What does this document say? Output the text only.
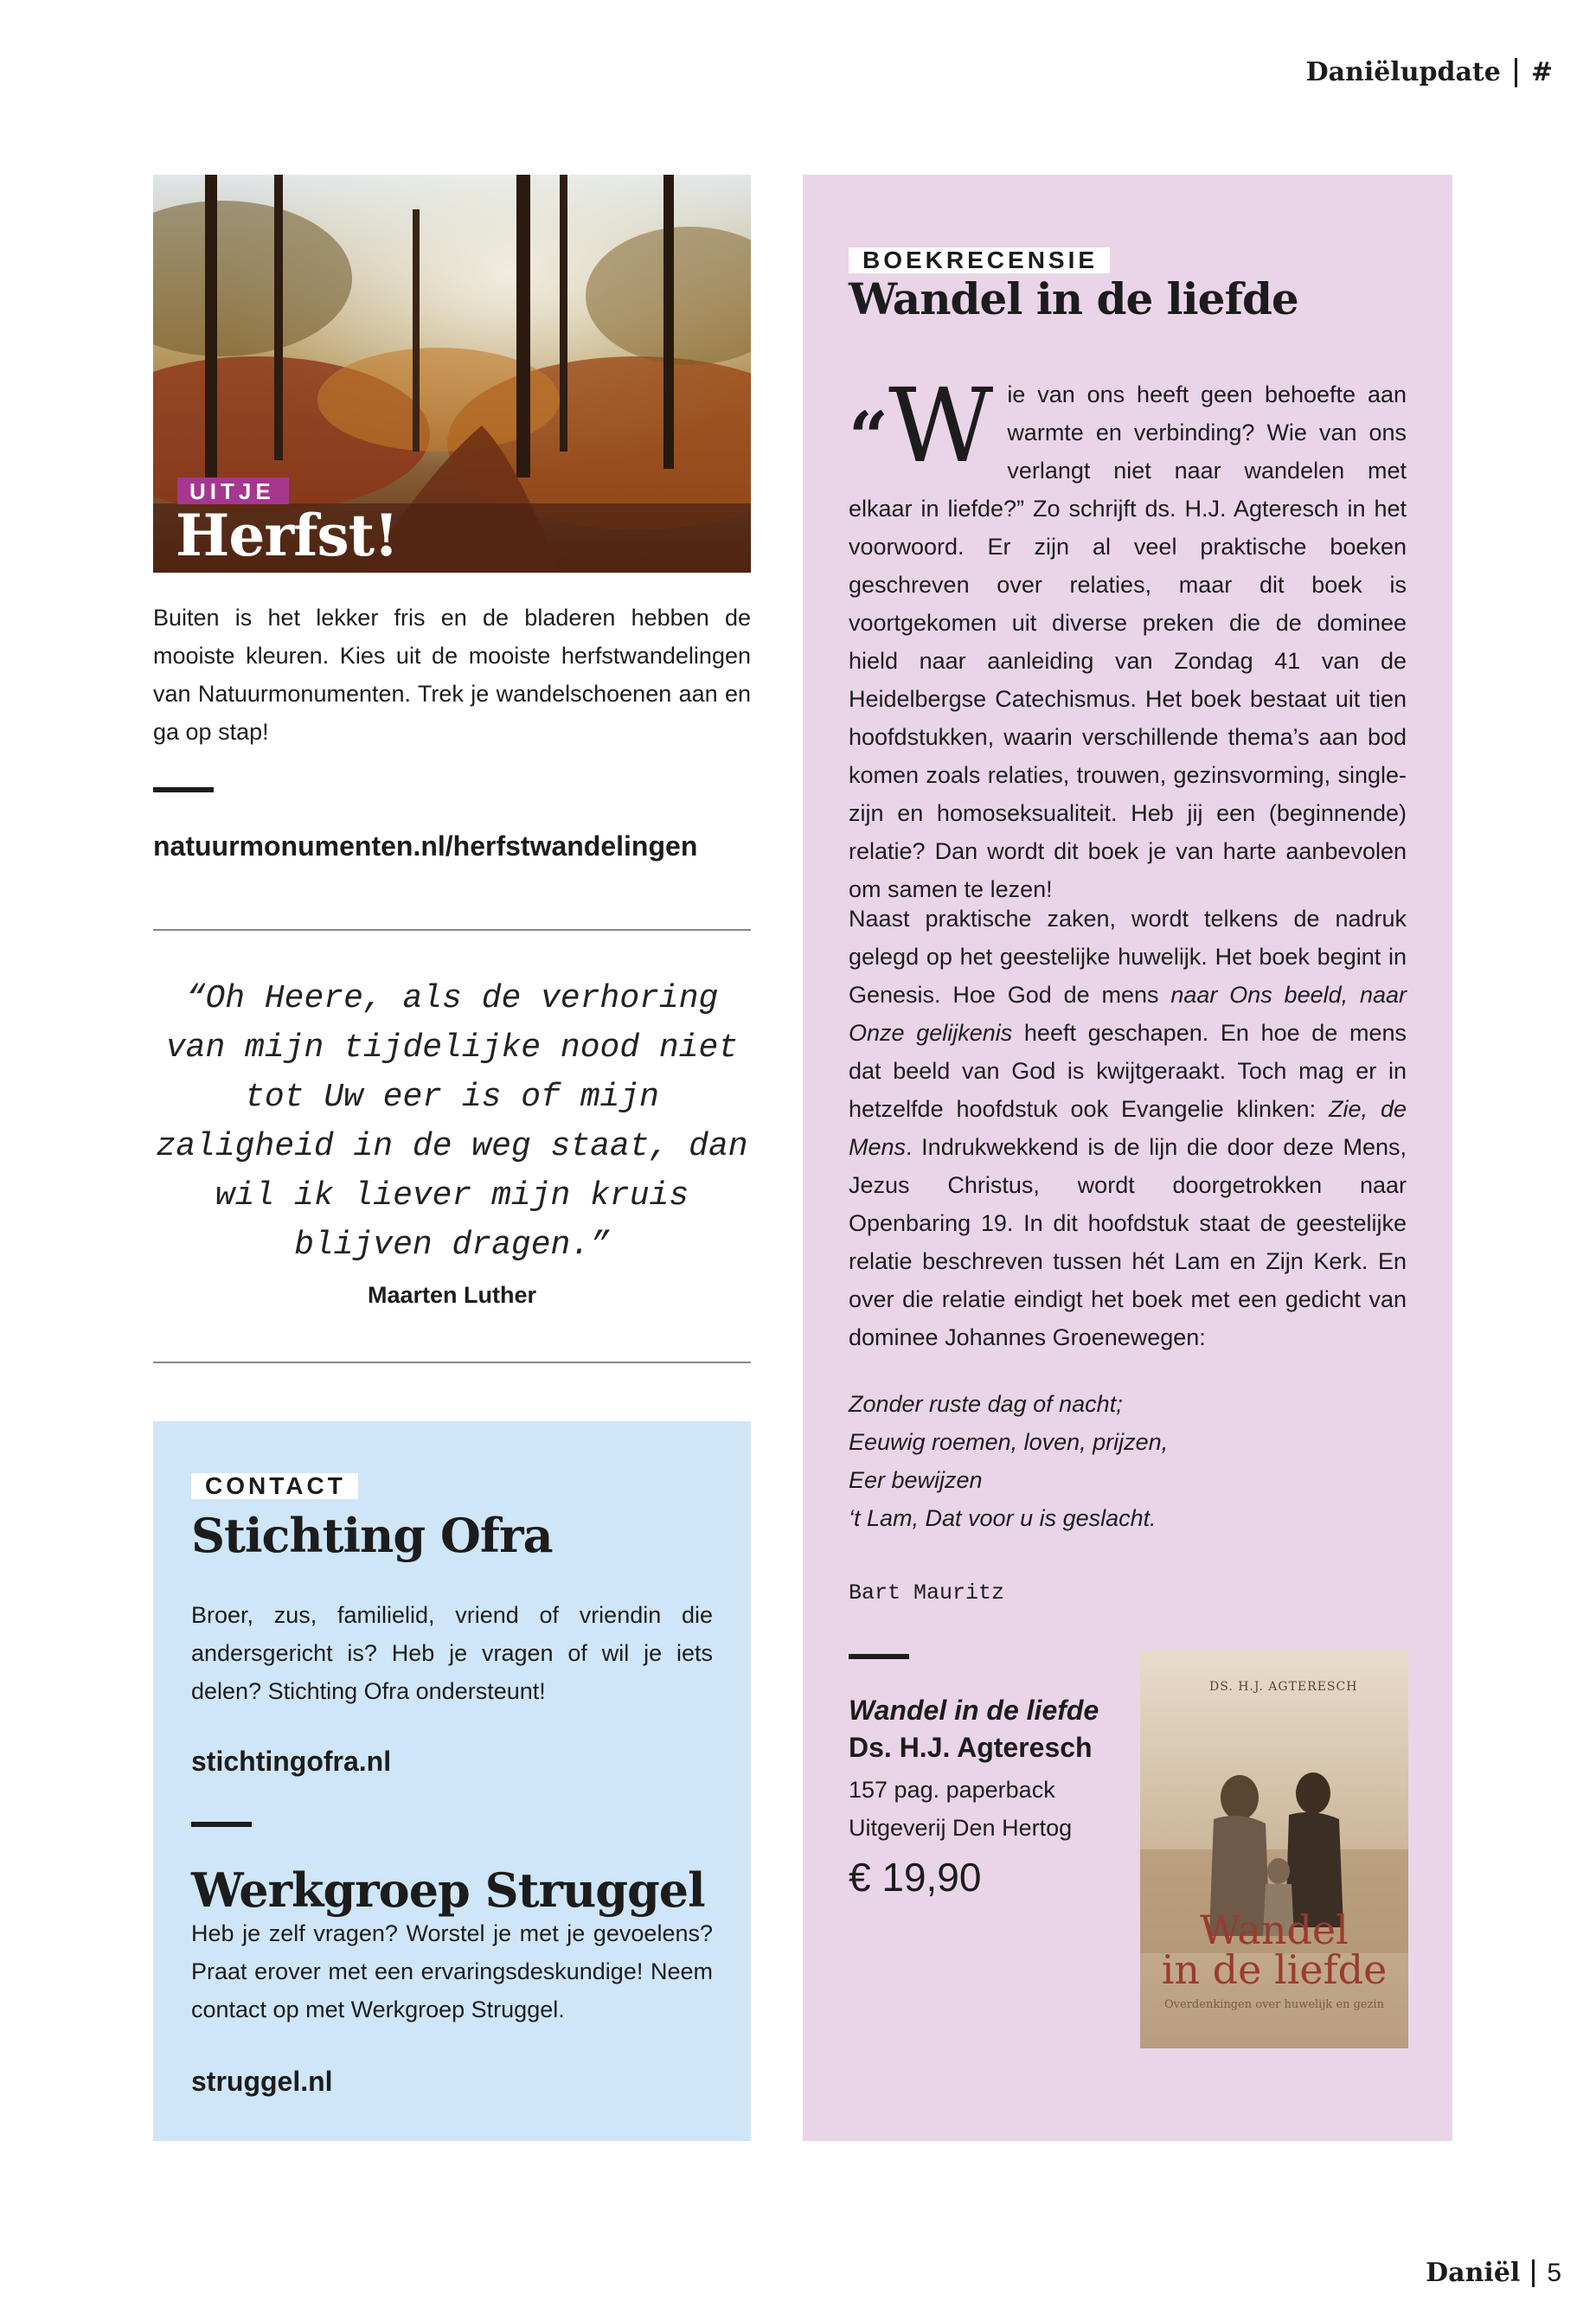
Daniëlupdate #
UITJE
Herfst!
Buiten is het lekker fris en de bladeren hebben de mooiste kleuren. Kies uit de mooiste herfstwandelingen van Natuurmonumenten. Trek je wandelschoenen aan en ga op stap!
natuurmonumenten.nl/herfstwandelingen
“Oh Heere, als de verhoring van mijn tijdelijke nood niet tot Uw eer is of mijn zaligheid in de weg staat, dan wil ik liever mijn kruis blijven dragen.”
Maarten Luther
CONTACT
Stichting Ofra
Broer, zus, familielid, vriend of vriendin die andersgericht is? Heb je vragen of wil je iets delen? Stichting Ofra ondersteunt!
stichtingofra.nl
Werkgroep Struggel
Heb je zelf vragen? Worstel je met je gevoelens? Praat erover met een ervaringsdeskundige! Neem contact op met Werkgroep Struggel.
struggel.nl
BOEKRECENSIE
Wandel in de liefde
“W ie van ons heeft geen behoefte aan warmte en verbinding? Wie van ons verlangt niet naar wandelen met elkaar in liefde?” Zo schrijft ds. H.J. Agteresch in het voorwoord. Er zijn al veel praktische boeken geschreven over relaties, maar dit boek is voortgekomen uit diverse preken die de dominee hield naar aanleiding van Zondag 41 van de Heidelbergse Catechismus. Het boek bestaat uit tien hoofdstukken, waarin verschillende thema’s aan bod komen zoals relaties, trouwen, gezinsvorming, single-zijn en homoseksualiteit. Heb jij een (beginnende) relatie? Dan wordt dit boek je van harte aanbevolen om samen te lezen!
Naast praktische zaken, wordt telkens de nadruk gelegd op het geestelijke huwelijk. Het boek begint in Genesis. Hoe God de mens naar Ons beeld, naar Onze gelijkenis heeft geschapen. En hoe de mens dat beeld van God is kwijtgeraakt. Toch mag er in hetzelfde hoofdstuk ook Evangelie klinken: Zie, de Mens. Indrukwekkend is de lijn die door deze Mens, Jezus Christus, wordt doorgetrokken naar Openbaring 19. In dit hoofdstuk staat de geestelijke relatie beschreven tussen hét Lam en Zijn Kerk. En over die relatie eindigt het boek met een gedicht van dominee Johannes Groenewegen:
Zonder ruste dag of nacht;
Eeuwig roemen, loven, prijzen,
Eer bewijzen
‘t Lam, Dat voor u is geslacht.
Bart Mauritz
Wandel in de liefde
Ds. H.J. Agteresch
157 pag. paperback
Uitgeverij Den Hertog
€ 19,90
DS. H.J. AGTERESCH
Wandel
in de liefde
Overdenkingen over huwelijk en gezin
Daniël 5
